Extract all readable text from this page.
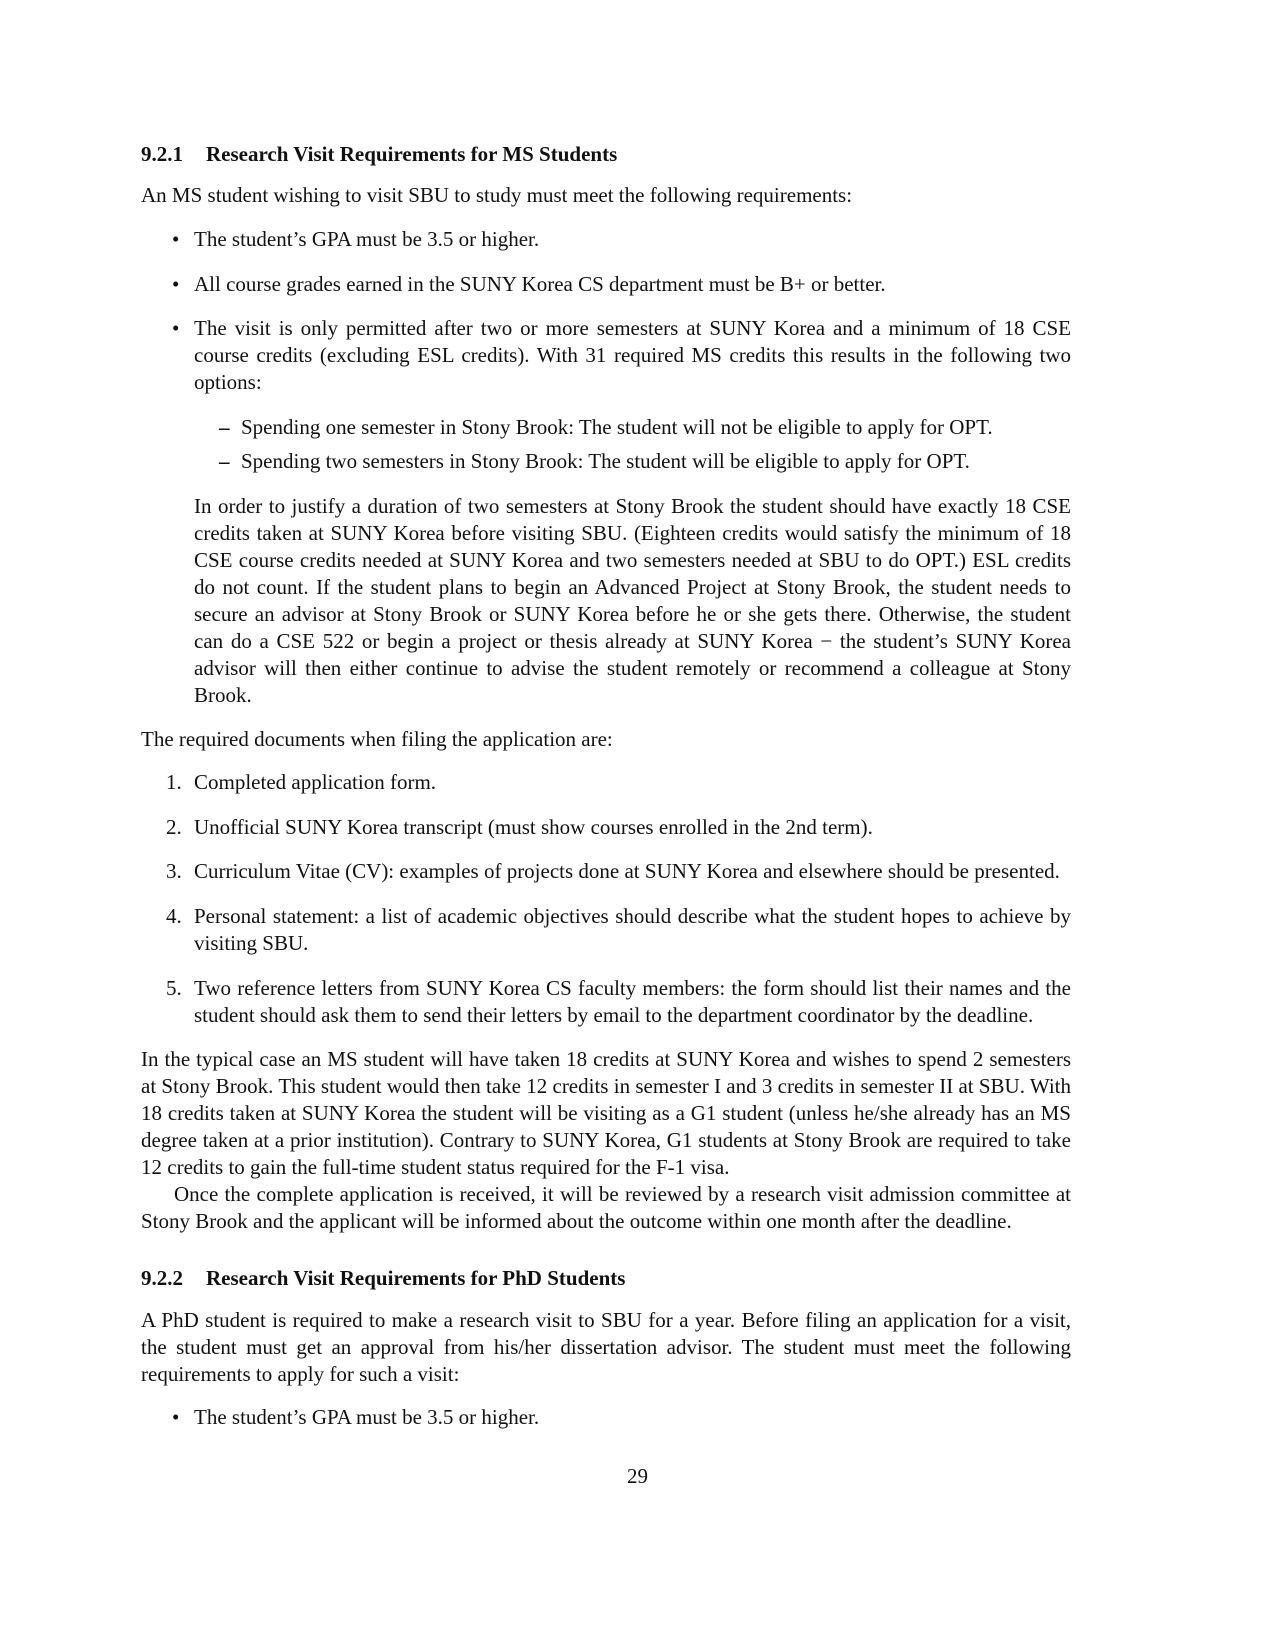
9.2.1 Research Visit Requirements for MS Students

An MS student wishing to visit SBU to study must meet the following requirements:

• The student’s GPA must be 3.5 or higher.
• All course grades earned in the SUNY Korea CS department must be B+ or better.
• The visit is only permitted after two or more semesters at SUNY Korea and a minimum of 18 CSE course credits (excluding ESL credits). With 31 required MS credits this results in the following two options:
– Spending one semester in Stony Brook: The student will not be eligible to apply for OPT.
– Spending two semesters in Stony Brook: The student will be eligible to apply for OPT.

In order to justify a duration of two semesters at Stony Brook the student should have exactly 18 CSE credits taken at SUNY Korea before visiting SBU. (Eighteen credits would satisfy the minimum of 18 CSE course credits needed at SUNY Korea and two semesters needed at SBU to do OPT.) ESL credits do not count. If the student plans to begin an Advanced Project at Stony Brook, the student needs to secure an advisor at Stony Brook or SUNY Korea before he or she gets there. Otherwise, the student can do a CSE 522 or begin a project or thesis already at SUNY Korea − the student’s SUNY Korea advisor will then either continue to advise the student remotely or recommend a colleague at Stony Brook.

The required documents when filing the application are:

1. Completed application form.
2. Unofficial SUNY Korea transcript (must show courses enrolled in the 2nd term).
3. Curriculum Vitae (CV): examples of projects done at SUNY Korea and elsewhere should be presented.
4. Personal statement: a list of academic objectives should describe what the student hopes to achieve by visiting SBU.
5. Two reference letters from SUNY Korea CS faculty members: the form should list their names and the student should ask them to send their letters by email to the department coordinator by the deadline.

In the typical case an MS student will have taken 18 credits at SUNY Korea and wishes to spend 2 semesters at Stony Brook. This student would then take 12 credits in semester I and 3 credits in semester II at SBU. With 18 credits taken at SUNY Korea the student will be visiting as a G1 student (unless he/she already has an MS degree taken at a prior institution). Contrary to SUNY Korea, G1 students at Stony Brook are required to take 12 credits to gain the full-time student status required for the F-1 visa.

Once the complete application is received, it will be reviewed by a research visit admission committee at Stony Brook and the applicant will be informed about the outcome within one month after the deadline.

9.2.2 Research Visit Requirements for PhD Students

A PhD student is required to make a research visit to SBU for a year. Before filing an application for a visit, the student must get an approval from his/her dissertation advisor. The student must meet the following requirements to apply for such a visit:

• The student’s GPA must be 3.5 or higher.
29
